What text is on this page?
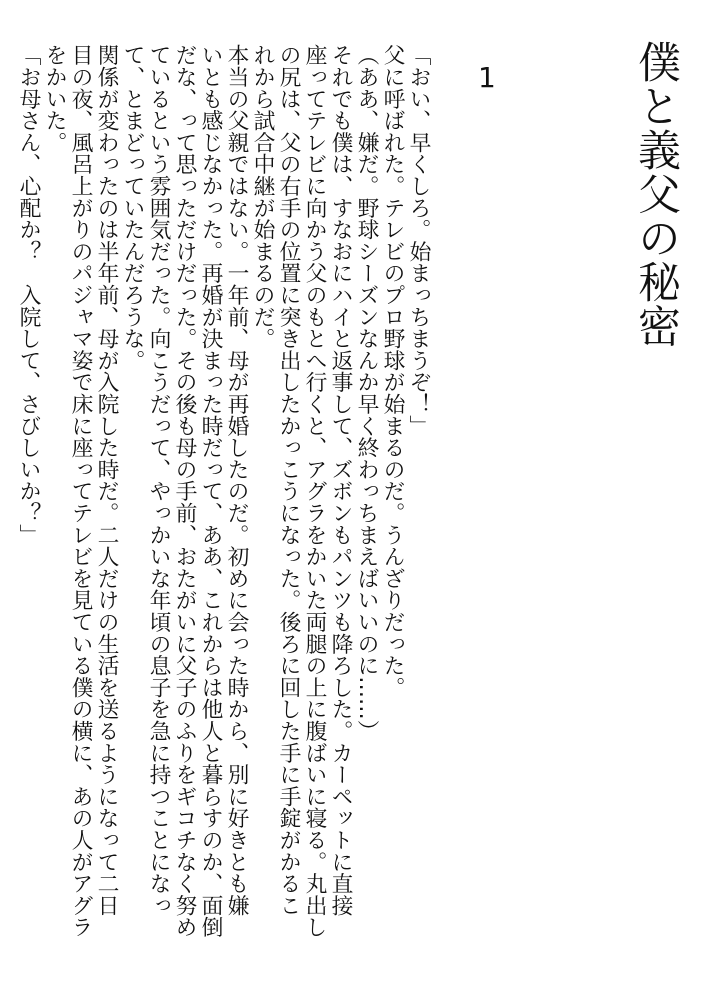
僕と義父の秘密
1
「おい、早くしろ。始まっちまうぞ！」
父に呼ばれた。テレビのプロ野球が始まるのだ。うんざりだった。
（ああ、嫌だ。野球シーズンなんか早く終わっちまえばいいのに……）
それでも僕は、すなおにハイと返事して、ズボンもパンツも降ろした。カーペットに直接
座ってテレビに向かう父のもとへ行くと、アグラをかいた両腿の上に腹ばいに寝る。丸出し
の尻は、父の右手の位置に突き出したかっこうになった。後ろに回した手に手錠がかるこ
れから試合中継が始まるのだ。
本当の父親ではない。一年前、母が再婚したのだ。初めに会った時から、別に好きとも嫌
いとも感じなかった。再婚が決まった時だって、ああ、これからは他人と暮らすのか、面倒
だな、って思っただけだった。その後も母の手前、おたがいに父子のふりをギコチなく努め
ているという雰囲気だった。向こうだって、やっかいな年頃の息子を急に持つことになっ
て、とまどっていたんだろうな。
関係が変わったのは半年前、母が入院した時だ。二人だけの生活を送るようになって二日
目の夜、風呂上がりのパジャマ姿で床に座ってテレビを見ている僕の横に、あの人がアグラ
をかいた。
「お母さん、心配か？　入院して、さびしいか？」
